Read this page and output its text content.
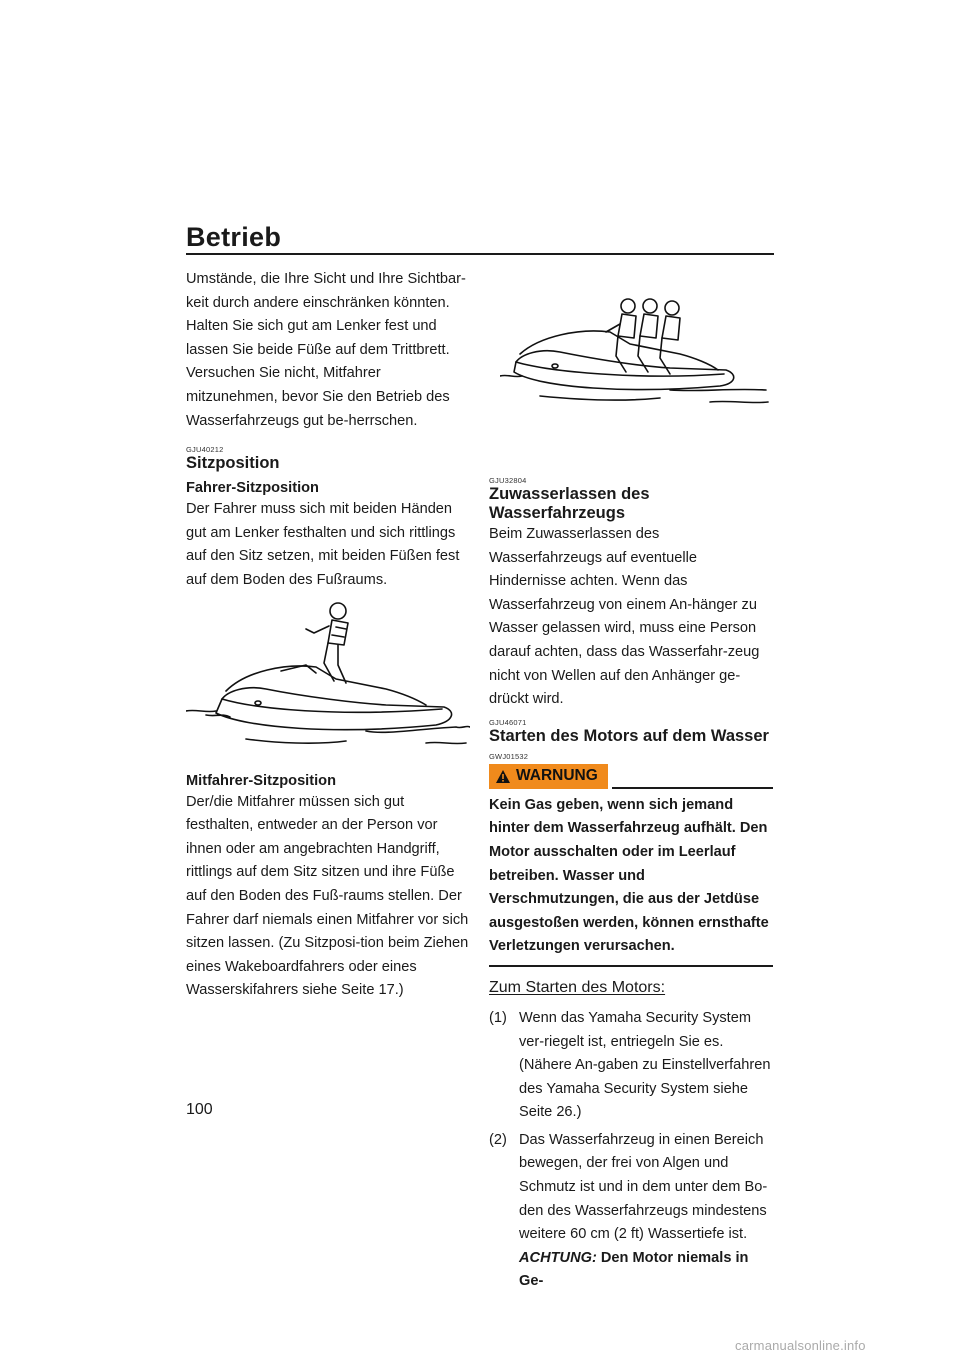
Betrieb

Umstände, die Ihre Sicht und Ihre Sichtbar-keit durch andere einschränken könnten. Halten Sie sich gut am Lenker fest und lassen Sie beide Füße auf dem Trittbrett. Versuchen Sie nicht, Mitfahrer mitzunehmen, bevor Sie den Betrieb des Wasserfahrzeugs gut be-herrschen.

GJU40212
Sitzposition
Fahrer-Sitzposition

Der Fahrer muss sich mit beiden Händen gut am Lenker festhalten und sich rittlings auf den Sitz setzen, mit beiden Füßen fest auf dem Boden des Fußraums.

Mitfahrer-Sitzposition

Der/die Mitfahrer müssen sich gut festhalten, entweder an der Person vor ihnen oder am angebrachten Handgriff, rittlings auf dem Sitz sitzen und ihre Füße auf den Boden des Fuß-raums stellen. Der Fahrer darf niemals einen Mitfahrer vor sich sitzen lassen. (Zu Sitzposi-tion beim Ziehen eines Wakeboardfahrers oder eines Wasserskifahrers siehe Seite 17.)

GJU32804
Zuwasserlassen des Wasserfahrzeugs

Beim Zuwasserlassen des Wasserfahrzeugs auf eventuelle Hindernisse achten. Wenn das Wasserfahrzeug von einem An-hänger zu Wasser gelassen wird, muss eine Person darauf achten, dass das Wasserfahr-zeug nicht von Wellen auf den Anhänger ge-drückt wird.

GJU46071
Starten des Motors auf dem Wasser
GWJ01532
WARNUNG

Kein Gas geben, wenn sich jemand hinter dem Wasserfahrzeug aufhält. Den Motor ausschalten oder im Leerlauf betreiben. Wasser und Verschmutzungen, die aus der Jetdüse ausgestoßen werden, können ernsthafte Verletzungen verursachen.

Zum Starten des Motors:
(1) Wenn das Yamaha Security System ver-riegelt ist, entriegeln Sie es. (Nähere An-gaben zu Einstellverfahren des Yamaha Security System siehe Seite 26.)
(2) Das Wasserfahrzeug in einen Bereich bewegen, der frei von Algen und Schmutz ist und in dem unter dem Bo-den des Wasserfahrzeugs mindestens weitere 60 cm (2 ft) Wassertiefe ist.
ACHTUNG: Den Motor niemals in Ge-
100
carmanualsonline.info
